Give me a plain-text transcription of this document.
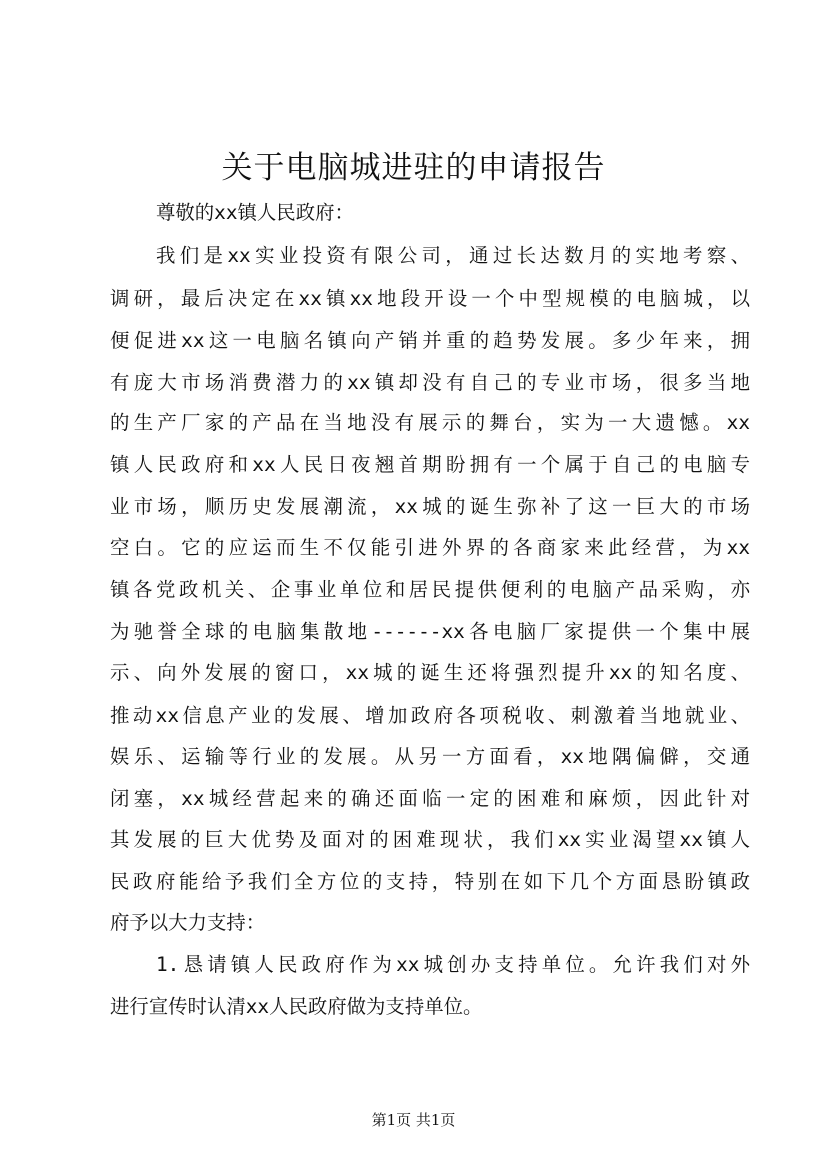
关于电脑城进驻的申请报告
尊敬的xx镇人民政府：
我们是xx实业投资有限公司，通过长达数月的实地考察、
调研，最后决定在xx镇xx地段开设一个中型规模的电脑城，以
便促进xx这一电脑名镇向产销并重的趋势发展。多少年来，拥
有庞大市场消费潜力的xx镇却没有自己的专业市场，很多当地
的生产厂家的产品在当地没有展示的舞台，实为一大遗憾。xx
镇人民政府和xx人民日夜翘首期盼拥有一个属于自己的电脑专
业市场，顺历史发展潮流，xx城的诞生弥补了这一巨大的市场
空白。它的应运而生不仅能引进外界的各商家来此经营，为xx
镇各党政机关、企事业单位和居民提供便利的电脑产品采购，亦
为驰誉全球的电脑集散地------xx各电脑厂家提供一个集中展
示、向外发展的窗口，xx城的诞生还将强烈提升xx的知名度、
推动xx信息产业的发展、增加政府各项税收、刺激着当地就业、
娱乐、运输等行业的发展。从另一方面看，xx地隅偏僻，交通
闭塞，xx城经营起来的确还面临一定的困难和麻烦，因此针对
其发展的巨大优势及面对的困难现状，我们xx实业渴望xx镇人
民政府能给予我们全方位的支持，特别在如下几个方面恳盼镇政
府予以大力支持：
1.恳请镇人民政府作为xx城创办支持单位。允许我们对外
进行宣传时认清xx人民政府做为支持单位。
第1页 共1页
